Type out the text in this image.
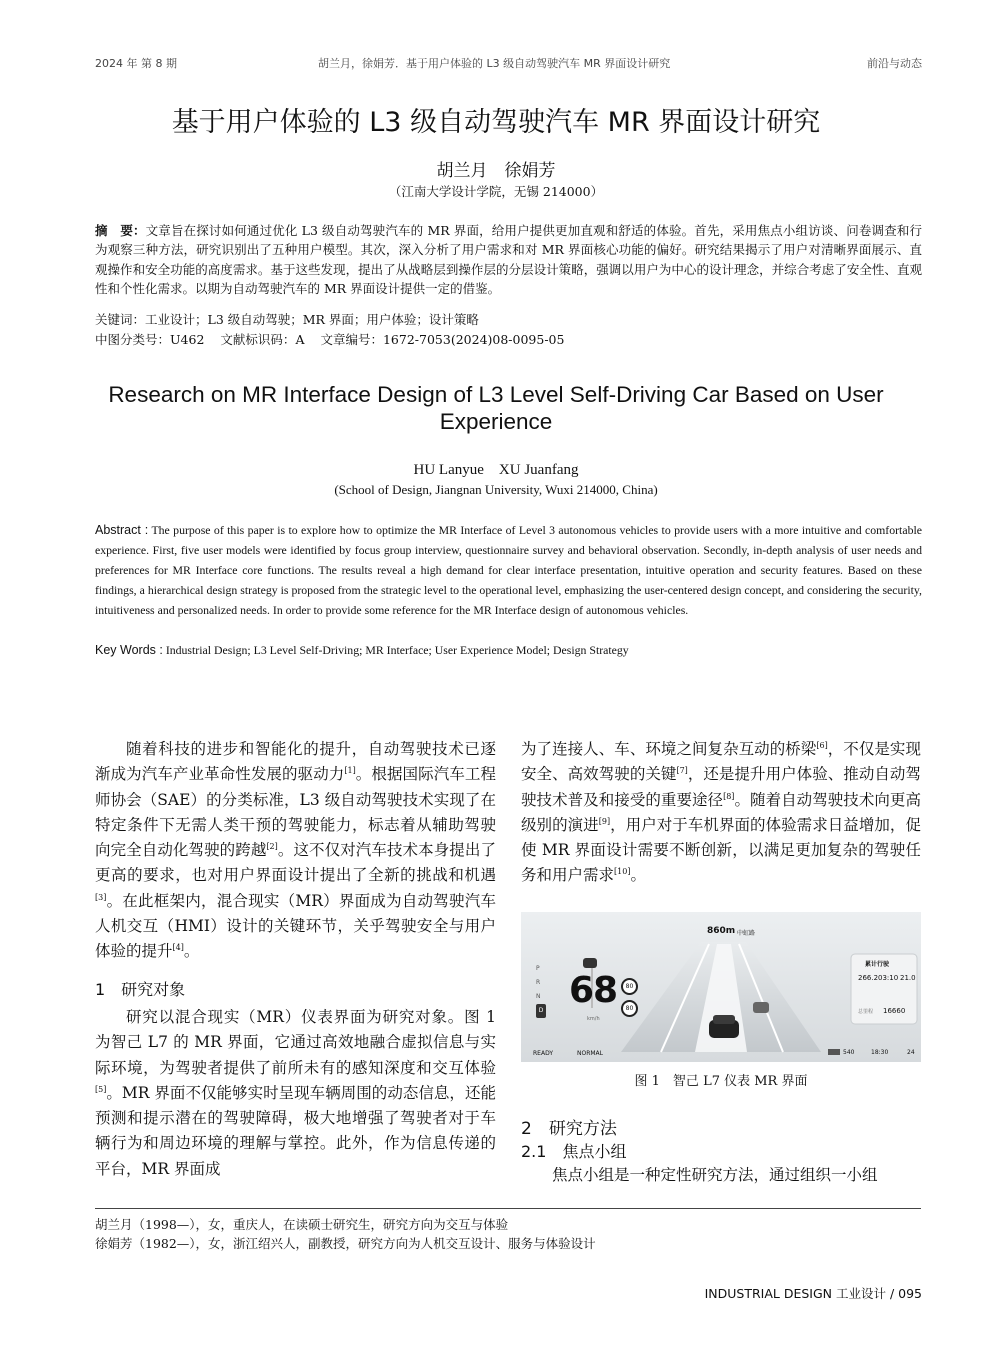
2024 年 第 8 期	胡兰月，徐娟芳．基于用户体验的 L3 级自动驾驶汽车 MR 界面设计研究	前沿与动态
基于用户体验的 L3 级自动驾驶汽车 MR 界面设计研究
胡兰月　徐娟芳
（江南大学设计学院，无锡 214000）
摘　要：文章旨在探讨如何通过优化 L3 级自动驾驶汽车的 MR 界面，给用户提供更加直观和舒适的体验。首先，采用焦点小组访谈、问卷调查和行为观察三种方法，研究识别出了五种用户模型。其次，深入分析了用户需求和对 MR 界面核心功能的偏好。研究结果揭示了用户对清晰界面展示、直观操作和安全功能的高度需求。基于这些发现，提出了从战略层到操作层的分层设计策略，强调以用户为中心的设计理念，并综合考虑了安全性、直观性和个性化需求。以期为自动驾驶汽车的 MR 界面设计提供一定的借鉴。
关键词：工业设计；L3 级自动驾驶；MR 界面；用户体验；设计策略
中图分类号：U462 文献标识码：A 文章编号：1672-7053(2024)08-0095-05
Research on MR Interface Design of L3 Level Self-Driving Car Based on User
Experience
HU Lanyue　XU Juanfang
(School of Design, Jiangnan University, Wuxi 214000, China)
Abstract : The purpose of this paper is to explore how to optimize the MR Interface of Level 3 autonomous vehicles to provide users with a more intuitive and comfortable experience. First, five user models were identified by focus group interview, questionnaire survey and behavioral observation. Secondly, in-depth analysis of user needs and preferences for MR Interface core functions. The results reveal a high demand for clear interface presentation, intuitive operation and security features. Based on these findings, a hierarchical design strategy is proposed from the strategic level to the operational level, emphasizing the user-centered design concept, and considering the security, intuitiveness and personalized needs. In order to provide some reference for the MR Interface design of autonomous vehicles.
Key Words : Industrial Design; L3 Level Self-Driving; MR Interface; User Experience Model; Design Strategy

随着科技的进步和智能化的提升，自动驾驶技术已逐渐成为汽车产业革命性发展的驱动力[1]。根据国际汽车工程师协会（SAE）的分类标准，L3 级自动驾驶技术实现了在特定条件下无需人类干预的驾驶能力，标志着从辅助驾驶向完全自动化驾驶的跨越[2]。这不仅对汽车技术本身提出了更高的要求，也对用户界面设计提出了全新的挑战和机遇[3]。在此框架内，混合现实（MR）界面成为自动驾驶汽车人机交互（HMI）设计的关键环节，关乎驾驶安全与用户体验的提升[4]。

1　研究对象

研究以混合现实（MR）仪表界面为研究对象。图 1 为智己 L7 的 MR 界面，它通过高效地融合虚拟信息与实际环境，为驾驶者提供了前所未有的感知深度和交互体验[5]。MR 界面不仅能够实时呈现车辆周围的动态信息，还能预测和提示潜在的驾驶障碍，极大地增强了驾驶者对于车辆行为和周边环境的理解与掌控。此外，作为信息传递的平台，MR 界面成

为了连接人、车、环境之间复杂互动的桥梁[6]，不仅是实现安全、高效驾驶的关键[7]，还是提升用户体验、推动自动驾驶技术普及和接受的重要途径[8]。随着自动驾驶技术向更高级别的演进[9]，用户对于车机界面的体验需求日益增加，促使 MR 界面设计需要不断创新，以满足更加复杂的驾驶任务和用户需求[10]。

860m 中虹路
P
R
N
D 68
km/h
80
80
累计行驶
266.2 03:10 21.0
总里程 16660
READY	NORMAL	540	18:30	24
图 1　智己 L7 仪表 MR 界面
2　研究方法
2.1　焦点小组

焦点小组是一种定性研究方法，通过组织一小组

胡兰月（1998—），女，重庆人，在读硕士研究生，研究方向为交互与体验
徐娟芳（1982—），女，浙江绍兴人，副教授，研究方向为人机交互设计、服务与体验设计
INDUSTRIAL DESIGN 工业设计 / 095
